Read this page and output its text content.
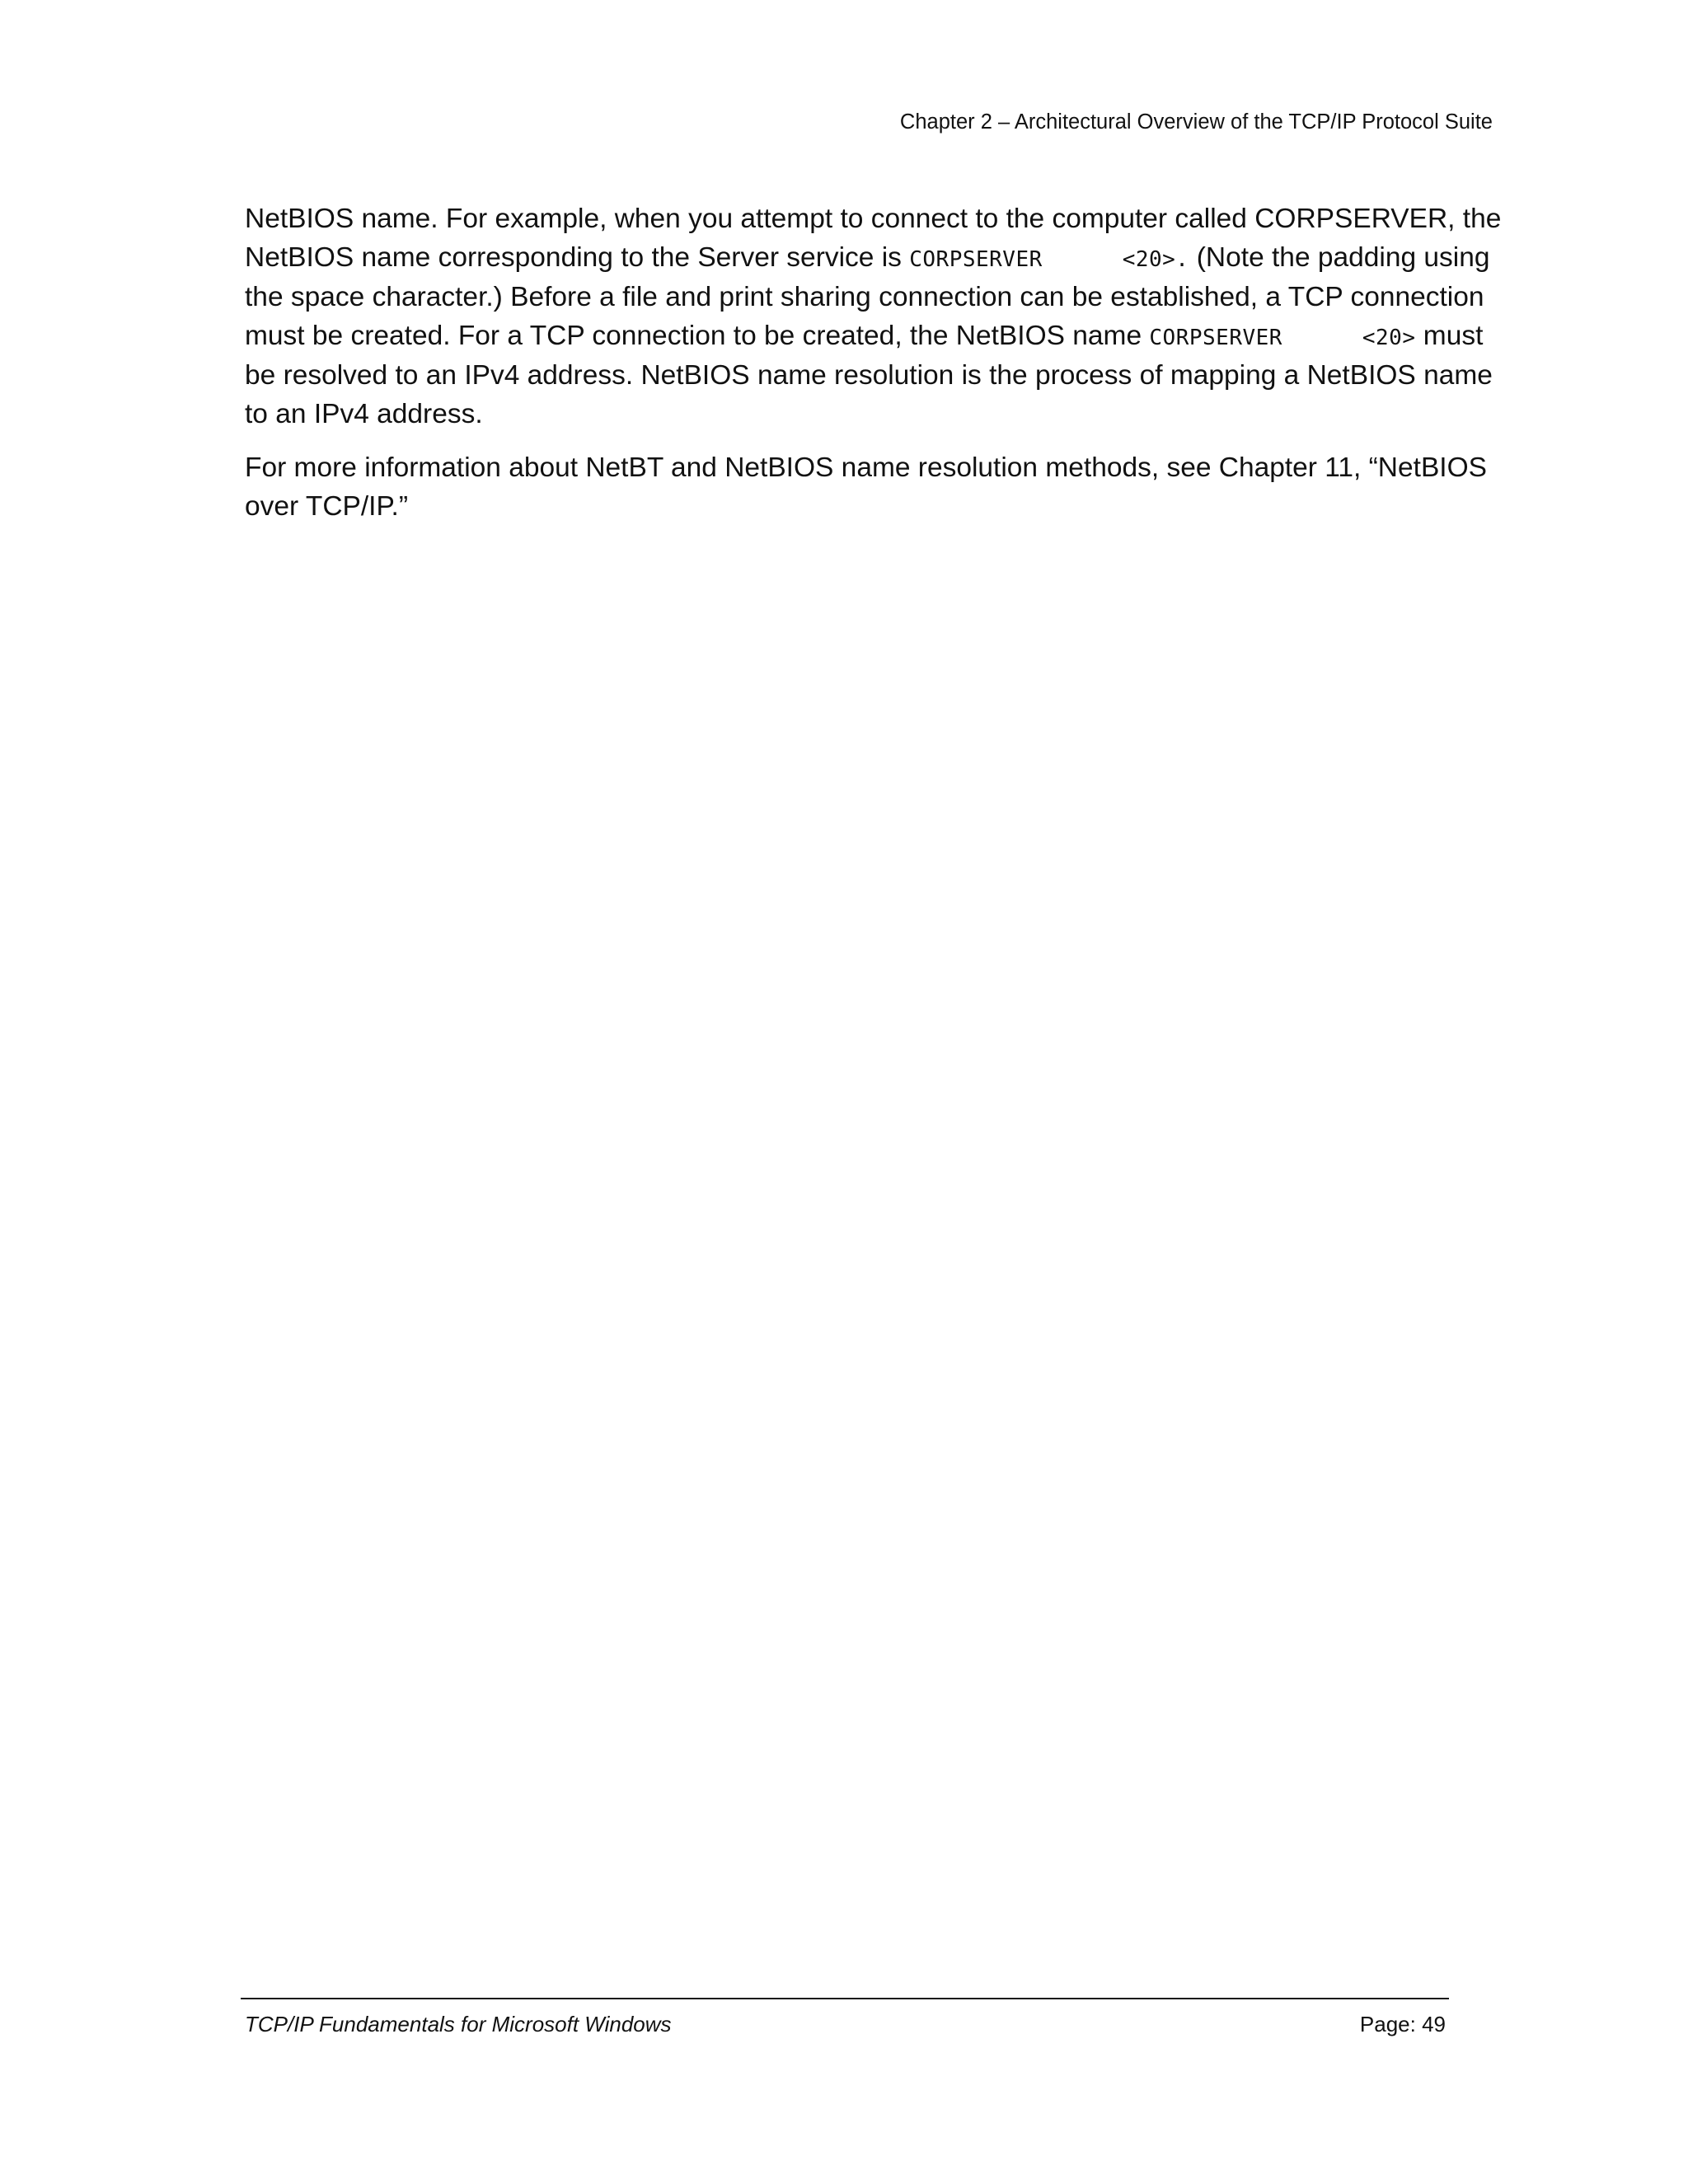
Chapter 2 – Architectural Overview of the TCP/IP Protocol Suite

NetBIOS name. For example, when you attempt to connect to the computer called CORPSERVER, the
NetBIOS name corresponding to the Server service is CORPSERVER      <20>. (Note the padding using
the space character.) Before a file and print sharing connection can be established, a TCP connection
must be created. For a TCP connection to be created, the NetBIOS name CORPSERVER      <20> must
be resolved to an IPv4 address. NetBIOS name resolution is the process of mapping a NetBIOS name
to an IPv4 address.

For more information about NetBT and NetBIOS name resolution methods, see Chapter 11, “NetBIOS
over TCP/IP.”

TCP/IP Fundamentals for Microsoft Windows	Page: 49
